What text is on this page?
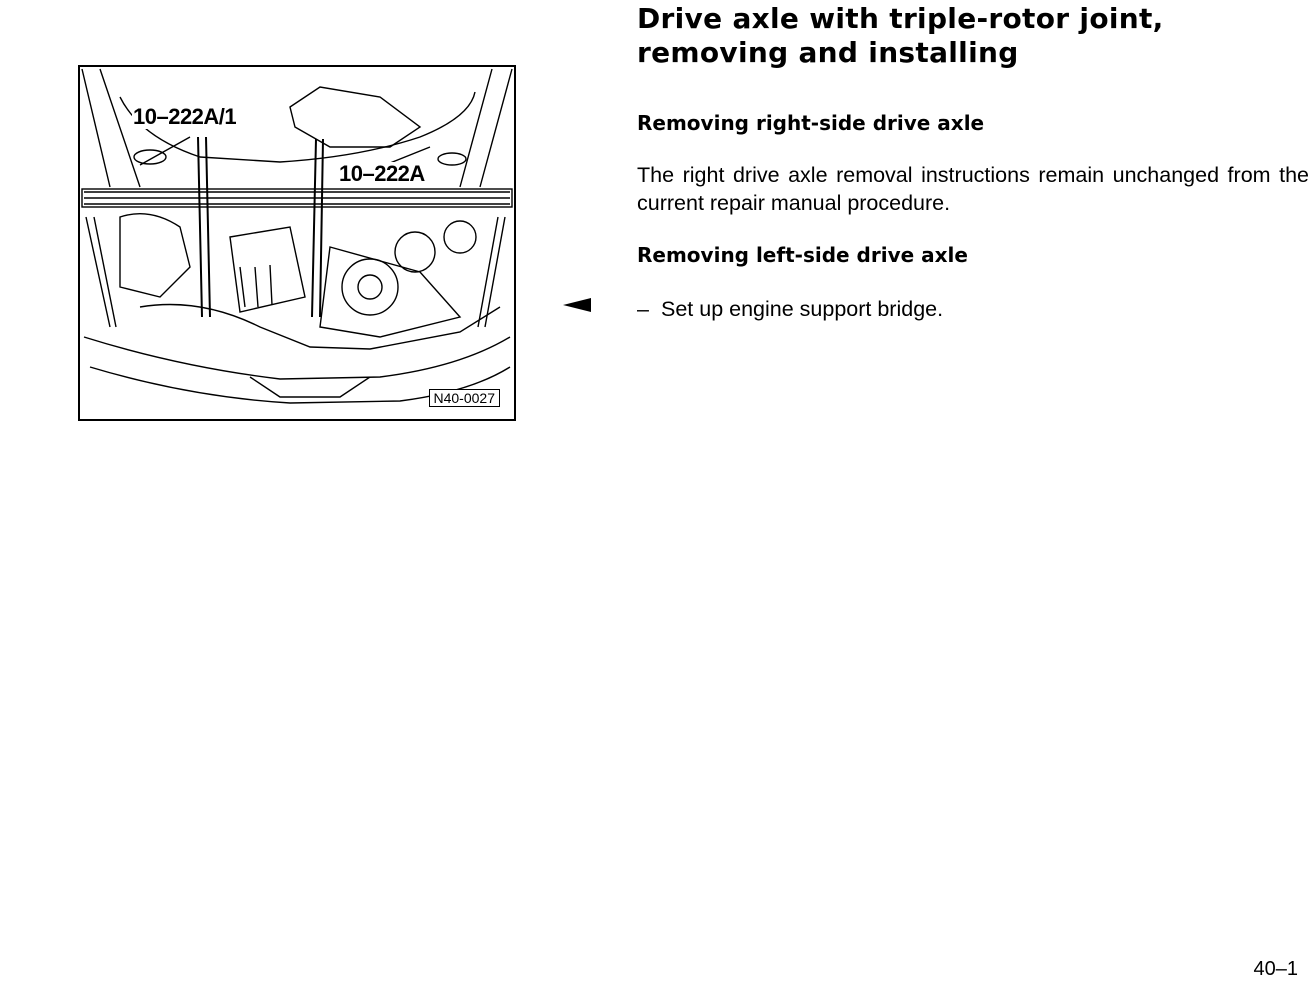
10–222A/1
10–222A
N40-0027
Drive axle with triple-rotor joint, removing and installing
Removing right-side drive axle

The right drive axle removal instructions remain unchanged from the current repair manual procedure.

Removing left-side drive axle

– Set up engine support bridge.

40–1
